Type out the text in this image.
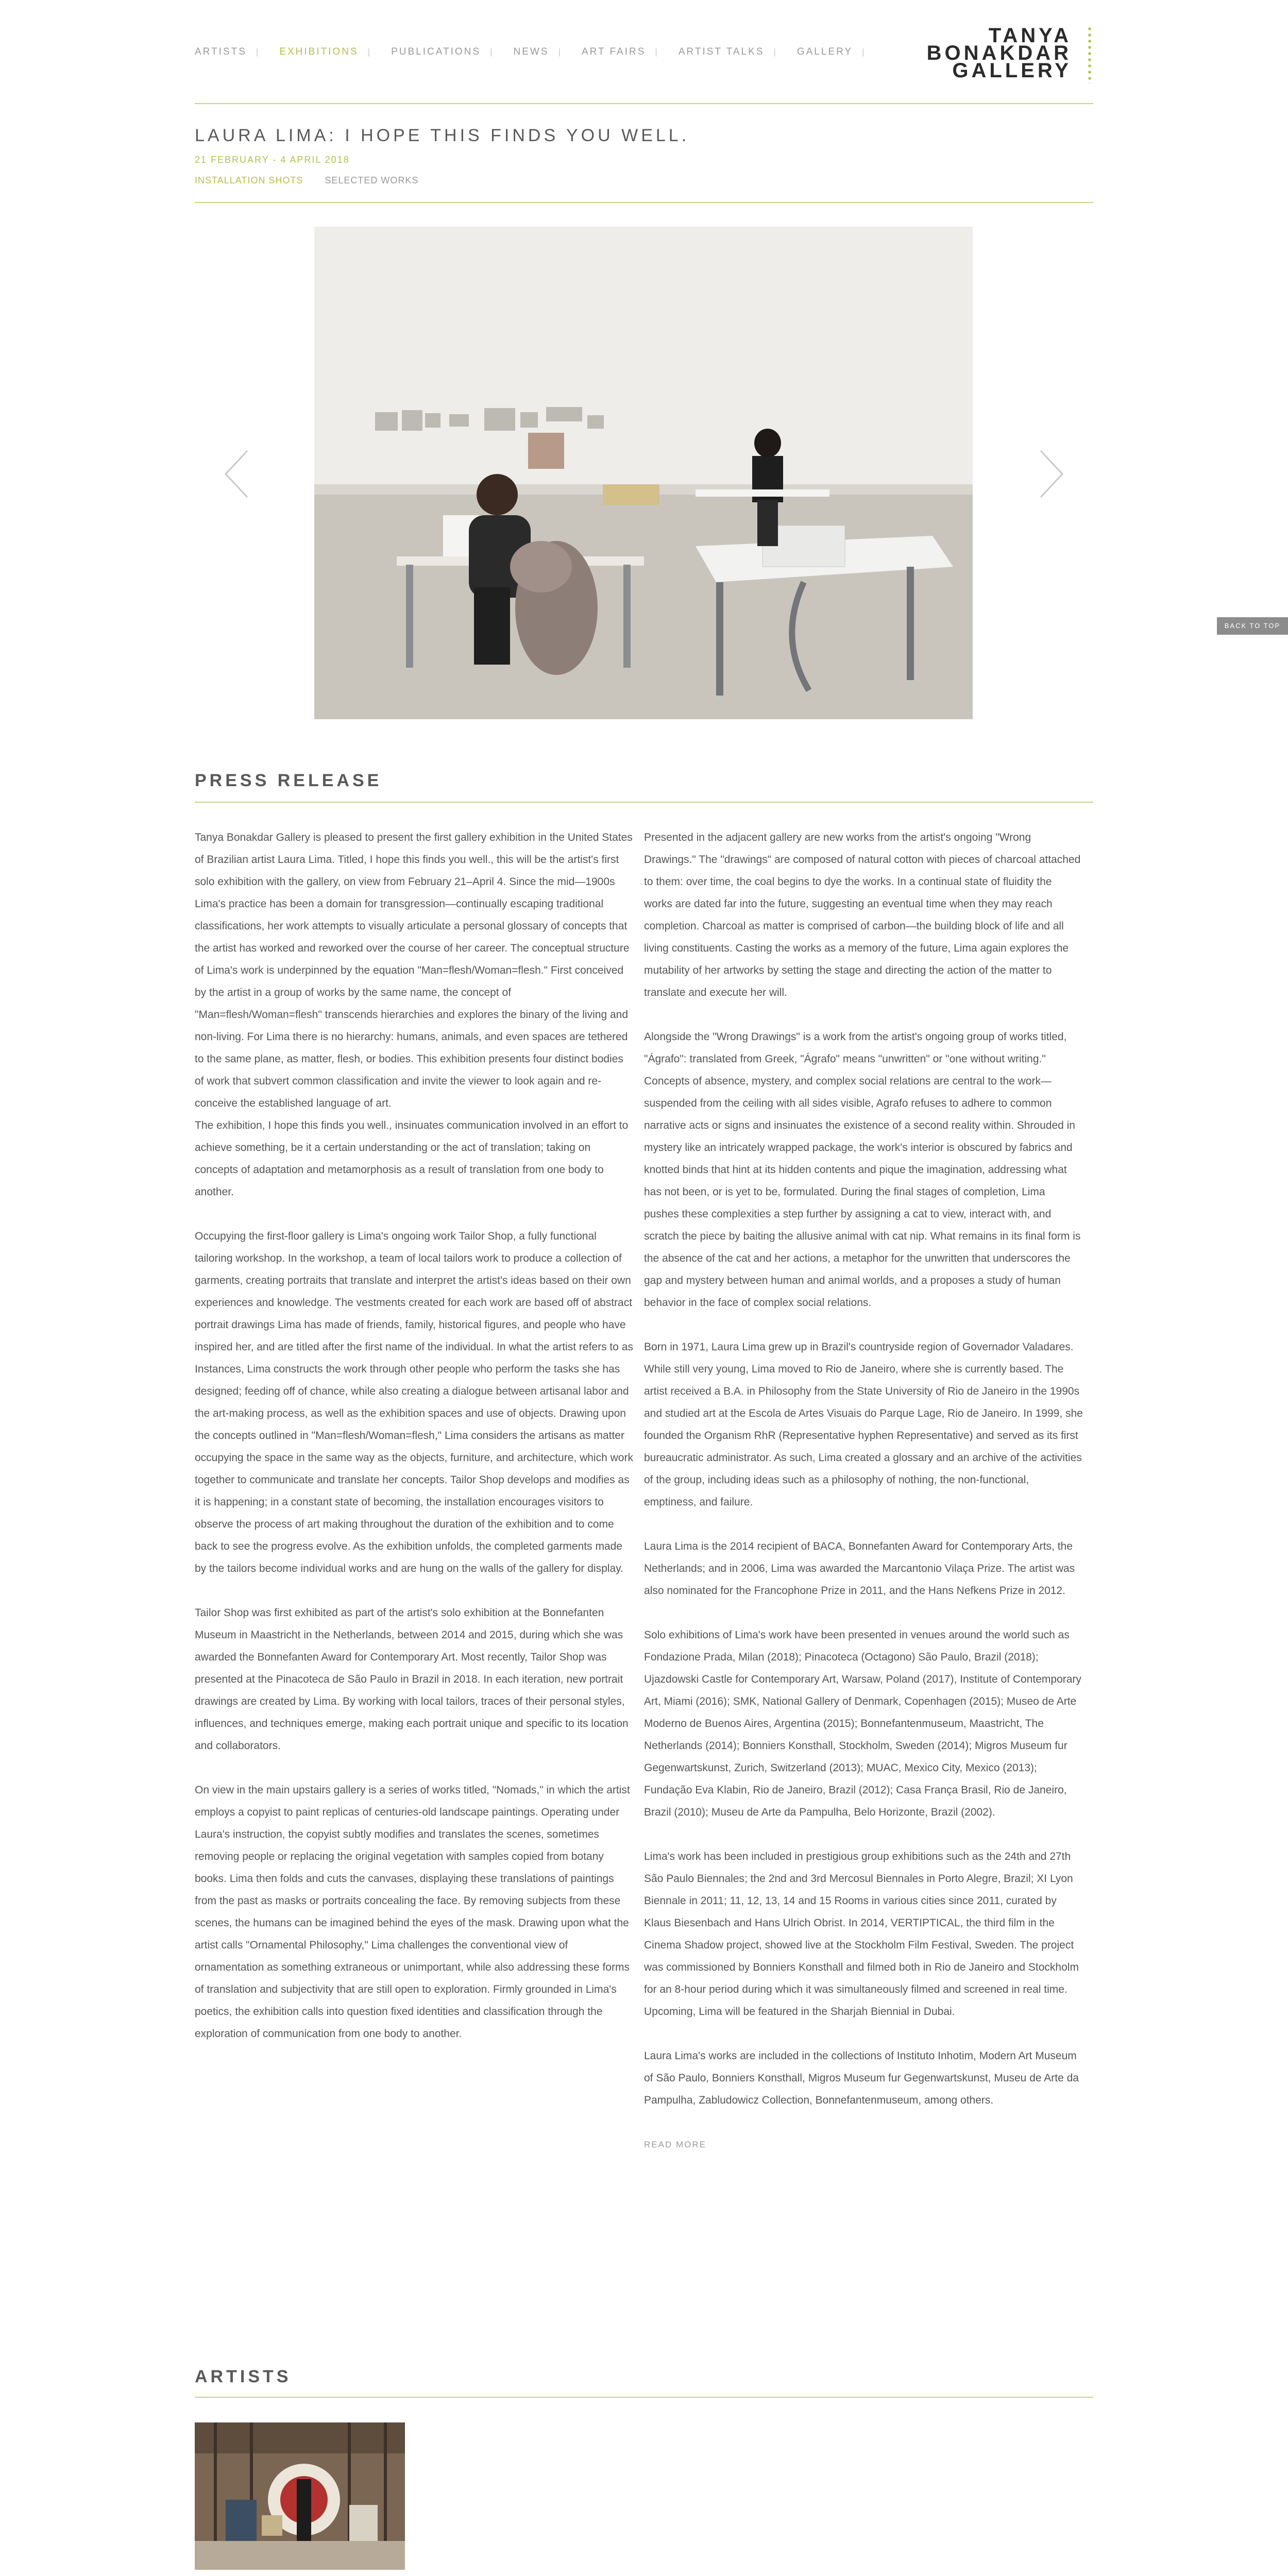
ARTISTS | EXHIBITIONS | PUBLICATIONS | NEWS | ART FAIRS | ARTIST TALKS | GALLERY |
TANYA
BONAKDAR
GALLERY
LAURA LIMA: I HOPE THIS FINDS YOU WELL.
21 FEBRUARY - 4 APRIL 2018
INSTALLATION SHOTS SELECTED WORKS
BACK TO TOP
PRESS RELEASE

Tanya Bonakdar Gallery is pleased to present the first gallery exhibition in the United States of Brazilian artist Laura Lima. Titled, I hope this finds you well., this will be the artist's first solo exhibition with the gallery, on view from February 21–April 4. Since the mid—1900s Lima's practice has been a domain for transgression—continually escaping traditional classifications, her work attempts to visually articulate a personal glossary of concepts that the artist has worked and reworked over the course of her career. The conceptual structure of Lima's work is underpinned by the equation "Man=flesh/Woman=flesh." First conceived by the artist in a group of works by the same name, the concept of "Man=flesh/Woman=flesh" transcends hierarchies and explores the binary of the living and non-living. For Lima there is no hierarchy: humans, animals, and even spaces are tethered to the same plane, as matter, flesh, or bodies. This exhibition presents four distinct bodies of work that subvert common classification and invite the viewer to look again and re-conceive the established language of art.

The exhibition, I hope this finds you well., insinuates communication involved in an effort to achieve something, be it a certain understanding or the act of translation; taking on concepts of adaptation and metamorphosis as a result of translation from one body to another.

Occupying the first-floor gallery is Lima's ongoing work Tailor Shop, a fully functional tailoring workshop. In the workshop, a team of local tailors work to produce a collection of garments, creating portraits that translate and interpret the artist's ideas based on their own experiences and knowledge. The vestments created for each work are based off of abstract portrait drawings Lima has made of friends, family, historical figures, and people who have inspired her, and are titled after the first name of the individual. In what the artist refers to as Instances, Lima constructs the work through other people who perform the tasks she has designed; feeding off of chance, while also creating a dialogue between artisanal labor and the art-making process, as well as the exhibition spaces and use of objects. Drawing upon the concepts outlined in "Man=flesh/Woman=flesh," Lima considers the artisans as matter occupying the space in the same way as the objects, furniture, and architecture, which work together to communicate and translate her concepts. Tailor Shop develops and modifies as it is happening; in a constant state of becoming, the installation encourages visitors to observe the process of art making throughout the duration of the exhibition and to come back to see the progress evolve. As the exhibition unfolds, the completed garments made by the tailors become individual works and are hung on the walls of the gallery for display.

Tailor Shop was first exhibited as part of the artist's solo exhibition at the Bonnefanten Museum in Maastricht in the Netherlands, between 2014 and 2015, during which she was awarded the Bonnefanten Award for Contemporary Art. Most recently, Tailor Shop was presented at the Pinacoteca de São Paulo in Brazil in 2018. In each iteration, new portrait drawings are created by Lima. By working with local tailors, traces of their personal styles, influences, and techniques emerge, making each portrait unique and specific to its location and collaborators.

On view in the main upstairs gallery is a series of works titled, "Nomads," in which the artist employs a copyist to paint replicas of centuries-old landscape paintings. Operating under Laura's instruction, the copyist subtly modifies and translates the scenes, sometimes removing people or replacing the original vegetation with samples copied from botany books. Lima then folds and cuts the canvases, displaying these translations of paintings from the past as masks or portraits concealing the face. By removing subjects from these scenes, the humans can be imagined behind the eyes of the mask. Drawing upon what the artist calls "Ornamental Philosophy," Lima challenges the conventional view of ornamentation as something extraneous or unimportant, while also addressing these forms of translation and subjectivity that are still open to exploration. Firmly grounded in Lima's poetics, the exhibition calls into question fixed identities and classification through the exploration of communication from one body to another.

Presented in the adjacent gallery are new works from the artist's ongoing "Wrong Drawings." The "drawings" are composed of natural cotton with pieces of charcoal attached to them: over time, the coal begins to dye the works. In a continual state of fluidity the works are dated far into the future, suggesting an eventual time when they may reach completion. Charcoal as matter is comprised of carbon—the building block of life and all living constituents. Casting the works as a memory of the future, Lima again explores the mutability of her artworks by setting the stage and directing the action of the matter to translate and execute her will.

Alongside the "Wrong Drawings" is a work from the artist's ongoing group of works titled, "Ágrafo": translated from Greek, "Ágrafo" means "unwritten" or "one without writing." Concepts of absence, mystery, and complex social relations are central to the work—suspended from the ceiling with all sides visible, Agrafo refuses to adhere to common narrative acts or signs and insinuates the existence of a second reality within. Shrouded in mystery like an intricately wrapped package, the work's interior is obscured by fabrics and knotted binds that hint at its hidden contents and pique the imagination, addressing what has not been, or is yet to be, formulated. During the final stages of completion, Lima pushes these complexities a step further by assigning a cat to view, interact with, and scratch the piece by baiting the allusive animal with cat nip. What remains in its final form is the absence of the cat and her actions, a metaphor for the unwritten that underscores the gap and mystery between human and animal worlds, and a proposes a study of human behavior in the face of complex social relations.

Born in 1971, Laura Lima grew up in Brazil's countryside region of Governador Valadares. While still very young, Lima moved to Rio de Janeiro, where she is currently based. The artist received a B.A. in Philosophy from the State University of Rio de Janeiro in the 1990s and studied art at the Escola de Artes Visuais do Parque Lage, Rio de Janeiro. In 1999, she founded the Organism RhR (Representative hyphen Representative) and served as its first bureaucratic administrator. As such, Lima created a glossary and an archive of the activities of the group, including ideas such as a philosophy of nothing, the non-functional, emptiness, and failure.

Laura Lima is the 2014 recipient of BACA, Bonnefanten Award for Contemporary Arts, the Netherlands; and in 2006, Lima was awarded the Marcantonio Vilaça Prize. The artist was also nominated for the Francophone Prize in 2011, and the Hans Nefkens Prize in 2012.

Solo exhibitions of Lima's work have been presented in venues around the world such as Fondazione Prada, Milan (2018); Pinacoteca (Octagono) São Paulo, Brazil (2018); Ujazdowski Castle for Contemporary Art, Warsaw, Poland (2017), Institute of Contemporary Art, Miami (2016); SMK, National Gallery of Denmark, Copenhagen (2015); Museo de Arte Moderno de Buenos Aires, Argentina (2015); Bonnefantenmuseum, Maastricht, The Netherlands (2014); Bonniers Konsthall, Stockholm, Sweden (2014); Migros Museum fur Gegenwartskunst, Zurich, Switzerland (2013); MUAC, Mexico City, Mexico (2013); Fundação Eva Klabin, Rio de Janeiro, Brazil (2012); Casa França Brasil, Rio de Janeiro, Brazil (2010); Museu de Arte da Pampulha, Belo Horizonte, Brazil (2002).

Lima's work has been included in prestigious group exhibitions such as the 24th and 27th São Paulo Biennales; the 2nd and 3rd Mercosul Biennales in Porto Alegre, Brazil; XI Lyon Biennale in 2011; 11, 12, 13, 14 and 15 Rooms in various cities since 2011, curated by Klaus Biesenbach and Hans Ulrich Obrist. In 2014, VERTIPTICAL, the third film in the Cinema Shadow project, showed live at the Stockholm Film Festival, Sweden. The project was commissioned by Bonniers Konsthall and filmed both in Rio de Janeiro and Stockholm for an 8-hour period during which it was simultaneously filmed and screened in real time. Upcoming, Lima will be featured in the Sharjah Biennial in Dubai.

Laura Lima's works are included in the collections of Instituto Inhotim, Modern Art Museum of São Paulo, Bonniers Konsthall, Migros Museum fur Gegenwartskunst, Museu de Arte da Pampulha, Zabludowicz Collection, Bonnefantenmuseum, among others.

READ MORE
ARTISTS
